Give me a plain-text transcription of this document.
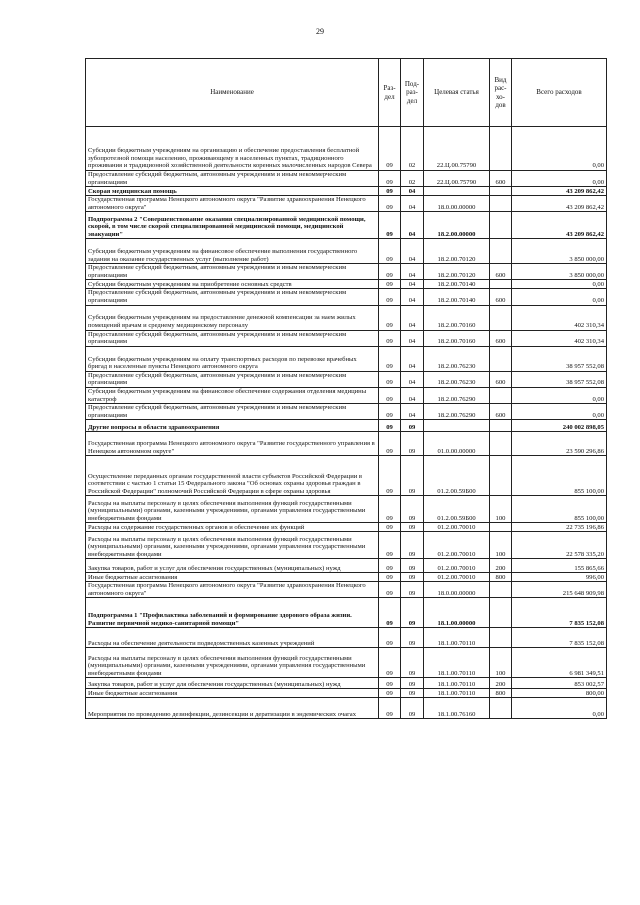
29
Наименование	Раз- дел	Под- раз- дел	Целевая статья	Вид рас- хо- дов	Всего расходов
Субсидии бюджетным учреждениям на организацию и обеспечение предоставления бесплатной зубопротезной помощи населению, проживающему в населенных пунктах, традиционного проживания и традиционной хозяйственной деятельности коренных малочисленных народов Севера	09	02	22.Ц.00.75790		0,00
Предоставление субсидий бюджетным, автономным учреждениям и иным некоммерческим организациям	09	02	22.Ц.00.75790	600	0,00
Скорая медицинская помощь	09	04			43 209 862,42
Государственная программа Ненецкого автономного округа "Развитие здравоохранения Ненецкого автономного округа"	09	04	18.0.00.00000		43 209 862,42
Подпрограмма 2 "Совершенствование оказания специализированной медицинской помощи, скорой, в том числе скорой специализированной медицинской помощи, медицинской эвакуации"	09	04	18.2.00.00000		43 209 862,42
Субсидии бюджетным учреждениям на финансовое обеспечение выполнения государственного задания на оказание государственных услуг (выполнение работ)	09	04	18.2.00.70120		3 850 000,00
Предоставление субсидий бюджетным, автономным учреждениям и иным некоммерческим организациям	09	04	18.2.00.70120	600	3 850 000,00
Субсидии бюджетным учреждениям на приобретение основных средств	09	04	18.2.00.70140		0,00
Предоставление субсидий бюджетным, автономным учреждениям и иным некоммерческим организациям	09	04	18.2.00.70140	600	0,00
Субсидии бюджетным учреждениям на предоставление денежной компенсации за наем жилых помещений врачам и среднему медицинскому персоналу	09	04	18.2.00.70160		402 310,34
Предоставление субсидий бюджетным, автономным учреждениям и иным некоммерческим организациям	09	04	18.2.00.70160	600	402 310,34
Субсидии бюджетным учреждениям на оплату транспортных расходов по перевозке врачебных бригад в населенные пункты Ненецкого автономного округа	09	04	18.2.00.76230		38 957 552,08
Предоставление субсидий бюджетным, автономным учреждениям и иным некоммерческим организациям	09	04	18.2.00.76230	600	38 957 552,08
Субсидии бюджетным учреждениям на финансовое обеспечение содержания отделения медицины катастроф	09	04	18.2.00.76290		0,00
Предоставление субсидий бюджетным, автономным учреждениям и иным некоммерческим организациям	09	04	18.2.00.76290	600	0,00
Другие вопросы в области здравоохранения	09	09			240 002 898,05
Государственная программа Ненецкого автономного округа "Развитие государственного управления в Ненецком автономном округе"	09	09	01.0.00.00000		23 590 296,86
Осуществление переданных органам государственной власти субъектов Российской Федерации в соответствии с частью 1 статьи 15 Федерального закона "Об основах охраны здоровья граждан в Российской Федерации" полномочий Российской Федерации в сфере охраны здоровья	09	09	01.2.00.59Б00		855 100,00
Расходы на выплаты персоналу в целях обеспечения выполнения функций государственными (муниципальными) органами, казенными учреждениями, органами управления государственными внебюджетными фондами	09	09	01.2.00.59Б00	100	855 100,00
Расходы на содержание государственных органов и обеспечение их функций	09	09	01.2.00.70010		22 735 196,86
Расходы на выплаты персоналу в целях обеспечения выполнения функций государственными (муниципальными) органами, казенными учреждениями, органами управления государственными внебюджетными фондами	09	09	01.2.00.70010	100	22 578 335,20
Закупка товаров, работ и услуг для обеспечения государственных (муниципальных) нужд	09	09	01.2.00.70010	200	155 865,66
Иные бюджетные ассигнования	09	09	01.2.00.70010	800	996,00
Государственная программа Ненецкого автономного округа "Развитие здравоохранения Ненецкого автономного округа"	09	09	18.0.00.00000		215 648 909,98
Подпрограмма 1 "Профилактика заболеваний и формирование здорового образа жизни. Развитие первичной медико-санитарной помощи"	09	09	18.1.00.00000		7 835 152,08
Расходы на обеспечение деятельности подведомственных казенных учреждений	09	09	18.1.00.70110		7 835 152,08
Расходы на выплаты персоналу в целях обеспечения выполнения функций государственными (муниципальными) органами, казенными учреждениями, органами управления государственными внебюджетными фондами	09	09	18.1.00.70110	100	6 981 349,51
Закупка товаров, работ и услуг для обеспечения государственных (муниципальных) нужд	09	09	18.1.00.70110	200	853 002,57
Иные бюджетные ассигнования	09	09	18.1.00.70110	800	800,00
Мероприятия по проведению дезинфекции, дезинсекции и дератизации в эндемических очагах	09	09	18.1.00.76160		0,00
